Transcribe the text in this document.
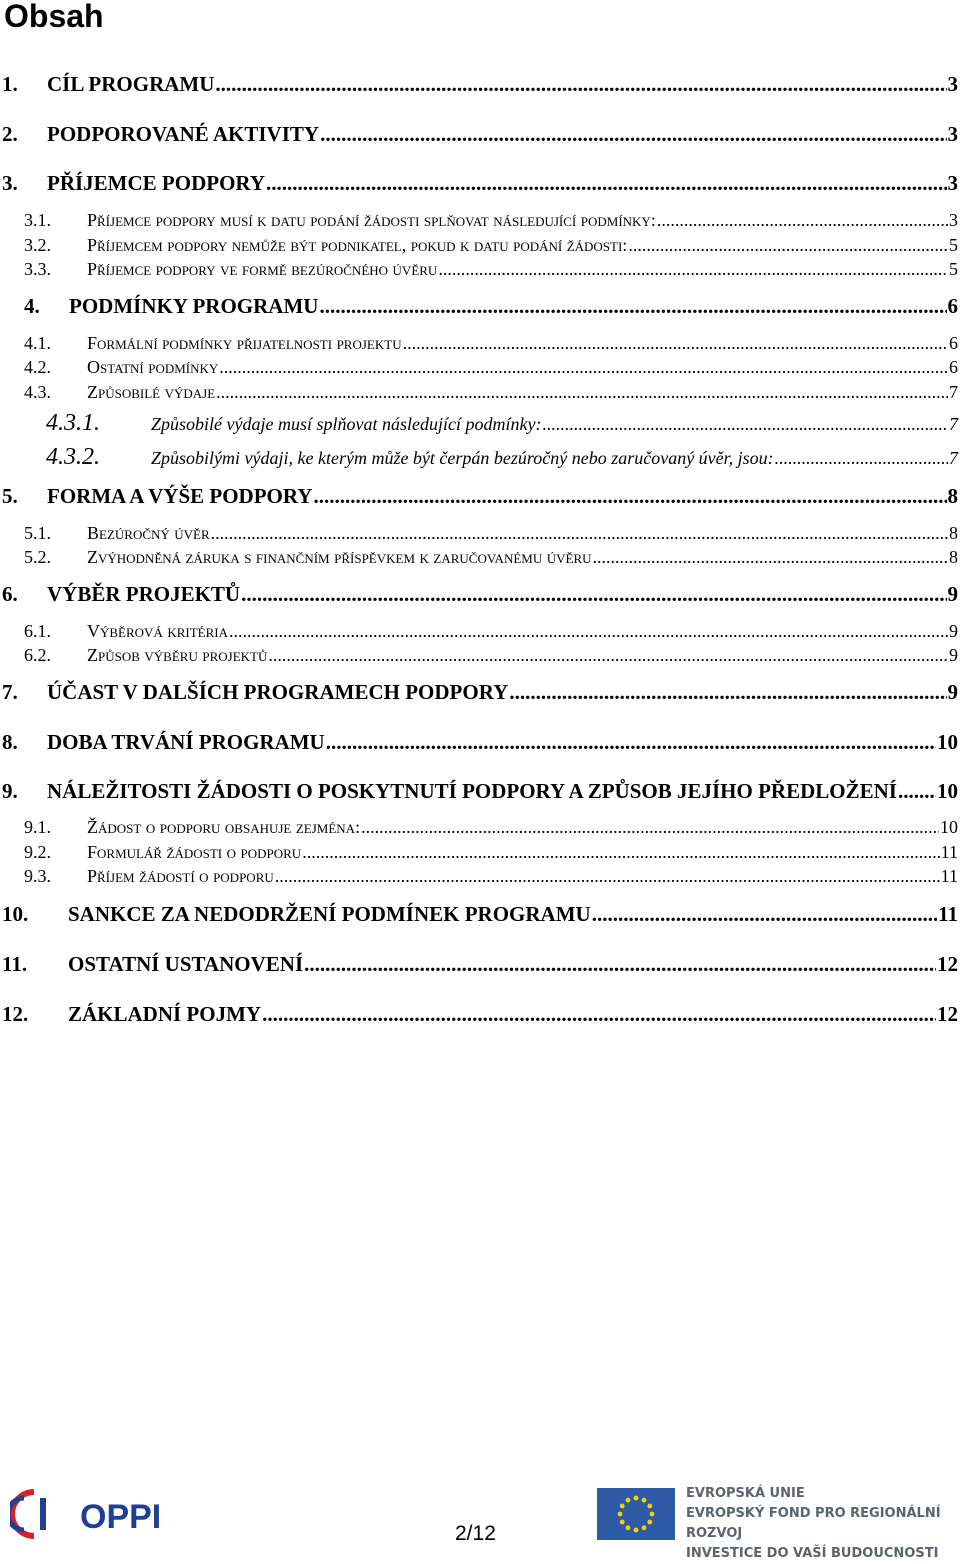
Obsah
1.	CÍL PROGRAMU .....	3
2.	PODPOROVANÉ AKTIVITY .....	3
3.	PŘÍJEMCE PODPORY .....	3
3.1.	Příjemce podpory musí k datu podání žádosti splňovat následující podmínky: .....	3
3.2.	Příjemcem podpory nemůže být podnikatel, pokud k datu podání žádosti: .....	5
3.3.	Příjemce podpory ve formě bezúročného úvěru .....	5
4.	PODMÍNKY PROGRAMU .....	6
4.1.	Formální podmínky přijatelnosti projektu .....	6
4.2.	Ostatní podmínky .....	6
4.3.	Způsobilé výdaje .....	7
4.3.1.	Způsobilé výdaje musí splňovat následující podmínky: .....	7
4.3.2.	Způsobilými výdaji, ke kterým může být čerpán bezúročný nebo zaručovaný úvěr, jsou: .....	7
5.	FORMA A VÝŠE PODPORY .....	8
5.1.	Bezúročný úvěr .....	8
5.2.	Zvýhodněná záruka s finančním příspěvkem k zaručovanému úvěru .....	8
6.	VÝBĚR PROJEKTŮ .....	9
6.1.	Výběrová kritéria .....	9
6.2.	Způsob výběru projektů .....	9
7.	ÚČAST V DALŠÍCH PROGRAMECH PODPORY .....	9
8.	DOBA TRVÁNÍ PROGRAMU .....	10
9.	NÁLEŽITOSTI ŽÁDOSTI O POSKYTNUTÍ PODPORY A ZPŮSOB JEJÍHO PŘEDLOŽENÍ ..... 10
9.1.	Žádost o podporu obsahuje zejména: .....	10
9.2.	Formulář žádosti o podporu .....	11
9.3.	Příjem žádostí o podporu .....	11
10.	SANKCE ZA NEDODRŽENÍ PODMÍNEK PROGRAMU .....	11
11.	OSTATNÍ USTANOVENÍ .....	12
12.	ZÁKLADNÍ POJMY .....	12
OPPI	2/12
EVROPSKÁ UNIE
EVROPSKÝ FOND PRO REGIONÁLNÍ ROZVOJ
INVESTICE DO VAŠÍ BUDOUCNOSTI
